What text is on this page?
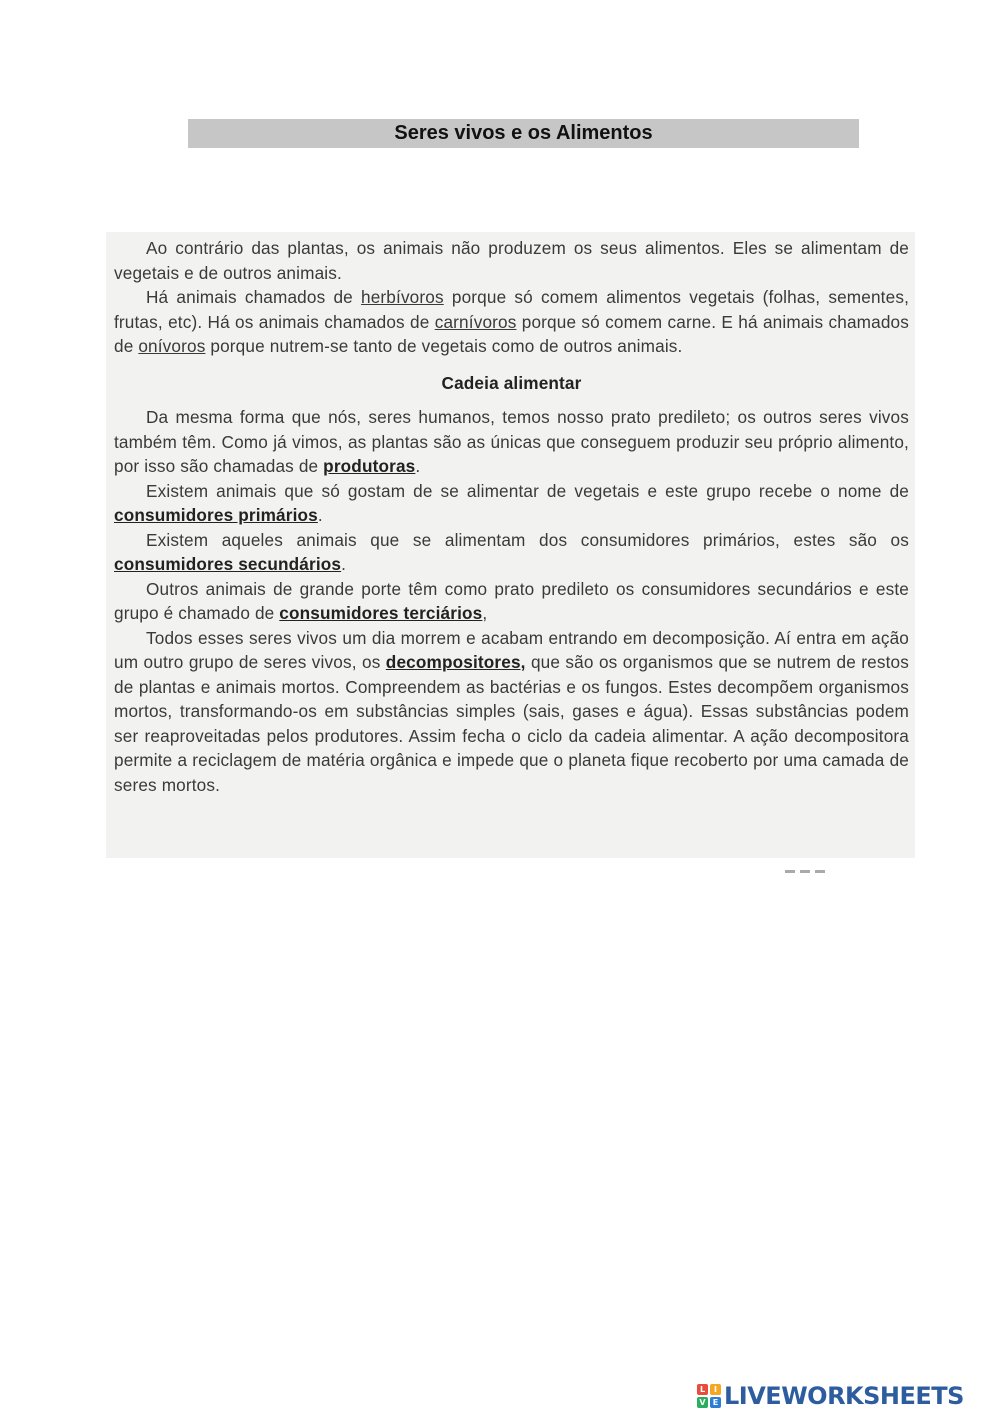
Seres vivos e os Alimentos

Ao contrário das plantas, os animais não produzem os seus alimentos. Eles se alimentam de vegetais e de outros animais.

Há animais chamados de herbívoros porque só comem alimentos vegetais (folhas, sementes, frutas, etc). Há os animais chamados de carnívoros porque só comem carne. E há animais chamados de onívoros porque nutrem-se tanto de vegetais como de outros animais.

Cadeia alimentar

Da mesma forma que nós, seres humanos, temos nosso prato predileto; os outros seres vivos também têm. Como já vimos, as plantas são as únicas que conseguem produzir seu próprio alimento, por isso são chamadas de produtoras.

Existem animais que só gostam de se alimentar de vegetais e este grupo recebe o nome de consumidores primários.

Existem aqueles animais que se alimentam dos consumidores primários, estes são os consumidores secundários.

Outros animais de grande porte têm como prato predileto os consumidores secundários e este grupo é chamado de consumidores terciários,

Todos esses seres vivos um dia morrem e acabam entrando em decomposição. Aí entra em ação um outro grupo de seres vivos, os decompositores, que são os organismos que se nutrem de restos de plantas e animais mortos. Compreendem as bactérias e os fungos. Estes decompõem organismos mortos, transformando-os em substâncias simples (sais, gases e água). Essas substâncias podem ser reaproveitadas pelos produtores. Assim fecha o ciclo da cadeia alimentar. A ação decompositora permite a reciclagem de matéria orgânica e impede que o planeta fique recoberto por uma camada de seres mortos.

L	I
V E LIVEWORKSHEETS
